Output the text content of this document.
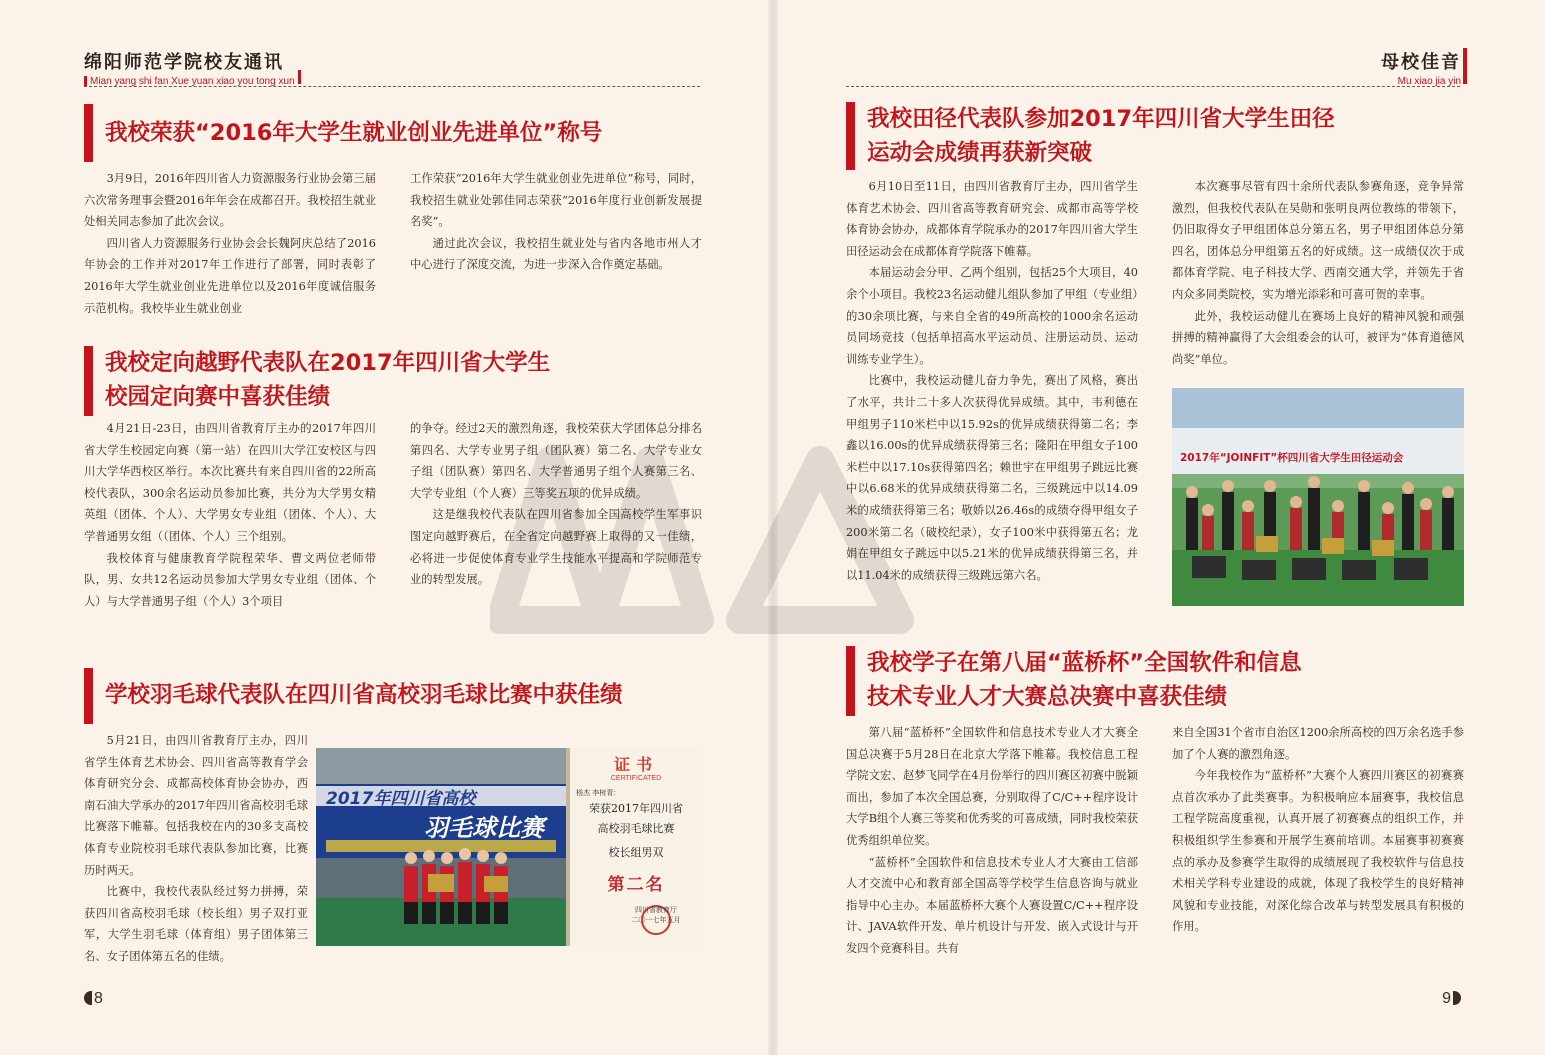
绵阳师范学院校友通讯
Mian yang shi fan Xue yuan xiao you tong xun
我校荣获“2016年大学生就业创业先进单位”称号

3月9日，2016年四川省人力资源服务行业协会第三届六次常务理事会暨2016年年会在成都召开。我校招生就业处相关同志参加了此次会议。

四川省人力资源服务行业协会会长魏阿庆总结了2016年协会的工作并对2017年工作进行了部署，同时表彰了2016年大学生就业创业先进单位以及2016年度诚信服务示范机构。我校毕业生就业创业

工作荣获“2016年大学生就业创业先进单位”称号，同时，我校招生就业处郭佳同志荣获“2016年度行业创新发展提名奖”。

通过此次会议，我校招生就业处与省内各地市州人才中心进行了深度交流，为进一步深入合作奠定基础。

我校定向越野代表队在2017年四川省大学生
校园定向赛中喜获佳绩

4月21日-23日，由四川省教育厅主办的2017年四川省大学生校园定向赛（第一站）在四川大学江安校区与四川大学华西校区举行。本次比赛共有来自四川省的22所高校代表队，300余名运动员参加比赛，共分为大学男女精英组（团体、个人）、大学男女专业组（团体、个人）、大学普通男女组（（团体、个人）三个组别。

我校体育与健康教育学院程荣华、曹文两位老师带队，男、女共12名运动员参加大学男女专业组（团体、个人）与大学普通男子组（个人）3个项目

的争夺。经过2天的激烈角逐，我校荣获大学团体总分排名第四名、大学专业男子组（团队赛）第二名、大学专业女子组（团队赛）第四名、大学普通男子组个人赛第三名、大学专业组（个人赛）三等奖五项的优异成绩。

这是继我校代表队在四川省参加全国高校学生军事识图定向越野赛后，在全省定向越野赛上取得的又一佳绩，必将进一步促使体育专业学生技能水平提高和学院师范专业的转型发展。

学校羽毛球代表队在四川省高校羽毛球比赛中获佳绩

5月21日，由四川省教育厅主办，四川省学生体育艺术协会、四川省高等教育学会体育研究分会、成都高校体育协会协办，西南石油大学承办的2017年四川省高校羽毛球比赛落下帷幕。包括我校在内的30多支高校体育专业院校羽毛球代表队参加比赛，比赛历时两天。

比赛中，我校代表队经过努力拼搏，荣获四川省高校羽毛球（校长组）男子双打亚军，大学生羽毛球（体育组）男子团体第三名、女子团体第五名的佳绩。

2017年四川省高校
羽毛球比赛
证书
CERTIFICATED
杨杰 李树青：
荣获2017年四川省
高校羽毛球比赛
校长组男双
第二名
四川省教育厅
二〇一七年五月
8
母校佳音
Mu xiao jia yin
我校田径代表队参加2017年四川省大学生田径
运动会成绩再获新突破

6月10日至11日，由四川省教育厅主办，四川省学生体育艺术协会、四川省高等教育研究会、成都市高等学校体育协会协办，成都体育学院承办的2017年四川省大学生田径运动会在成都体育学院落下帷幕。

本届运动会分甲、乙两个组别，包括25个大项目，40余个小项目。我校23名运动健儿组队参加了甲组（专业组）的30余项比赛，与来自全省的49所高校的1000余名运动员同场竞技（包括单招高水平运动员、注册运动员、运动训练专业学生）。

比赛中，我校运动健儿奋力争先，赛出了风格，赛出了水平，共计二十多人次获得优异成绩。其中，韦利德在甲组男子110米栏中以15.92s的优异成绩获得第二名；李鑫以16.00s的优异成绩获得第三名；隆阳在甲组女子100米栏中以17.10s获得第四名；赖世宇在甲组男子跳远比赛中以6.68米的优异成绩获得第二名，三级跳远中以14.09米的成绩获得第三名；敬娇以26.46s的成绩夺得甲组女子200米第二名（破校纪录），女子100米中获得第五名；龙娟在甲组女子跳远中以5.21米的优异成绩获得第三名，并以11.04米的成绩获得三级跳远第六名。

本次赛事尽管有四十余所代表队参赛角逐，竞争异常激烈，但我校代表队在吴勋和张明良两位教练的带领下，仍旧取得女子甲组团体总分第五名，男子甲组团体总分第四名，团体总分甲组第五名的好成绩。这一成绩仅次于成都体育学院、电子科技大学、西南交通大学，并领先于省内众多同类院校，实为增光添彩和可喜可贺的幸事。

此外，我校运动健儿在赛场上良好的精神风貌和顽强拼搏的精神赢得了大会组委会的认可，被评为“体育道德风尚奖”单位。

2017年“JOINFIT”杯四川省大学生田径运动会
我校学子在第八届“蓝桥杯”全国软件和信息
技术专业人才大赛总决赛中喜获佳绩

第八届“蓝桥杯”全国软件和信息技术专业人才大赛全国总决赛于5月28日在北京大学落下帷幕。我校信息工程学院文宏、赵梦飞同学在4月份举行的四川赛区初赛中脱颖而出，参加了本次全国总赛，分别取得了C/C++程序设计大学B组个人赛三等奖和优秀奖的可喜成绩，同时我校荣获优秀组织单位奖。

“蓝桥杯”全国软件和信息技术专业人才大赛由工信部人才交流中心和教育部全国高等学校学生信息咨询与就业指导中心主办。本届蓝桥杯大赛个人赛设置C/C++程序设计、JAVA软件开发、单片机设计与开发、嵌入式设计与开发四个竞赛科目。共有

来自全国31个省市自治区1200余所高校的四万余名选手参加了个人赛的激烈角逐。

今年我校作为“蓝桥杯”大赛个人赛四川赛区的初赛赛点首次承办了此类赛事。为积极响应本届赛事，我校信息工程学院高度重视，认真开展了初赛赛点的组织工作，并积极组织学生参赛和开展学生赛前培训。本届赛事初赛赛点的承办及参赛学生取得的成绩展现了我校软件与信息技术相关学科专业建设的成就，体现了我校学生的良好精神风貌和专业技能，对深化综合改革与转型发展具有积极的作用。

9
